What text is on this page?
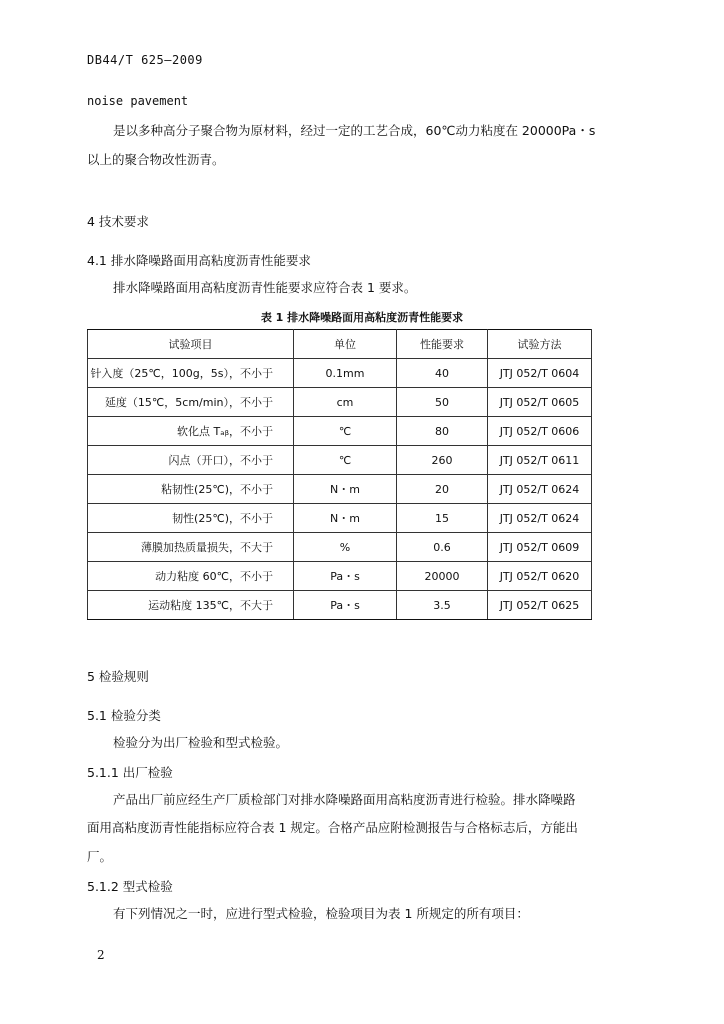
DB44/T 625—2009
noise pavement
是以多种高分子聚合物为原材料，经过一定的工艺合成，60℃动力粘度在 20000Pa・s
以上的聚合物改性沥青。
4 技术要求
4.1 排水降噪路面用高粘度沥青性能要求
排水降噪路面用高粘度沥青性能要求应符合表 1 要求。
表 1 排水降噪路面用高粘度沥青性能要求
试验项目	单位	性能要求	试验方法
针入度（25℃，100g，5s），不小于	0.1mm	40	JTJ 052/T 0604
延度（15℃，5cm/min），不小于	cm	50	JTJ 052/T 0605
软化点 Tₐᵦ，不小于	℃	80	JTJ 052/T 0606
闪点（开口），不小于	℃	260	JTJ 052/T 0611
粘韧性(25℃)，不小于	N・m	20	JTJ 052/T 0624
韧性(25℃)，不小于	N・m	15	JTJ 052/T 0624
薄膜加热质量损失，不大于	%	0.6	JTJ 052/T 0609
动力粘度 60℃，不小于	Pa・s	20000	JTJ 052/T 0620
运动粘度 135℃，不大于	Pa・s	3.5	JTJ 052/T 0625
5 检验规则
5.1 检验分类
检验分为出厂检验和型式检验。
5.1.1 出厂检验
产品出厂前应经生产厂质检部门对排水降噪路面用高粘度沥青进行检验。排水降噪路
面用高粘度沥青性能指标应符合表 1 规定。合格产品应附检测报告与合格标志后，方能出
厂。
5.1.2 型式检验
有下列情况之一时，应进行型式检验，检验项目为表 1 所规定的所有项目：
2
